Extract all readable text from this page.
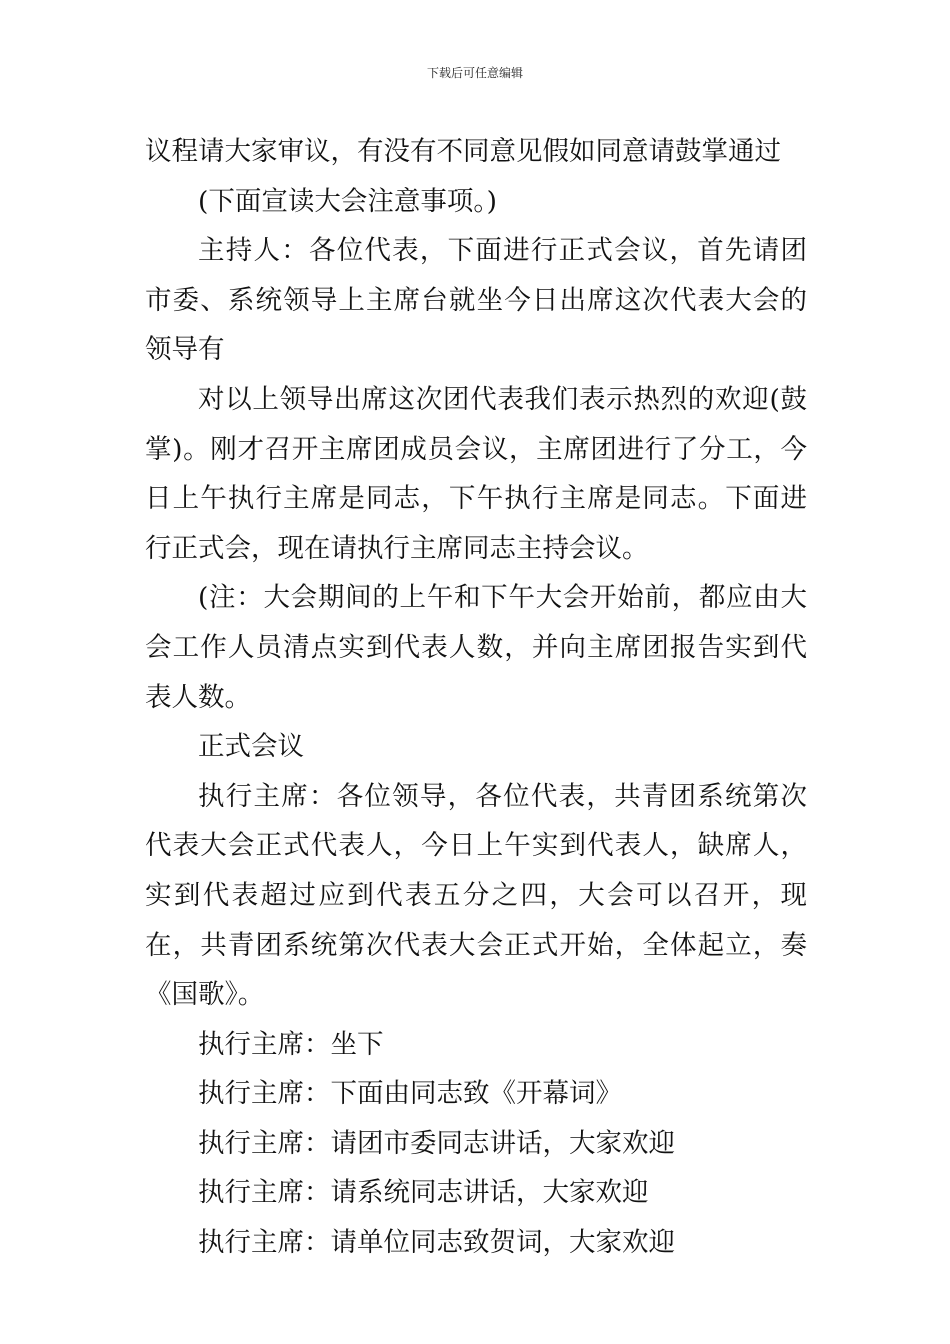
下载后可任意编辑

议程请大家审议，有没有不同意见假如同意请鼓掌通过

(下面宣读大会注意事项。)

主持人：各位代表，下面进行正式会议，首先请团市委、系统领导上主席台就坐今日出席这次代表大会的领导有

对以上领导出席这次团代表我们表示热烈的欢迎(鼓掌)。刚才召开主席团成员会议，主席团进行了分工，今日上午执行主席是同志，下午执行主席是同志。下面进行正式会，现在请执行主席同志主持会议。

(注：大会期间的上午和下午大会开始前，都应由大会工作人员清点实到代表人数，并向主席团报告实到代表人数。

正式会议

执行主席：各位领导，各位代表，共青团系统第次代表大会正式代表人，今日上午实到代表人，缺席人，实到代表超过应到代表五分之四，大会可以召开，现在，共青团系统第次代表大会正式开始，全体起立，奏《国歌》。

执行主席：坐下

执行主席：下面由同志致《开幕词》

执行主席：请团市委同志讲话，大家欢迎

执行主席：请系统同志讲话，大家欢迎

执行主席：请单位同志致贺词，大家欢迎
